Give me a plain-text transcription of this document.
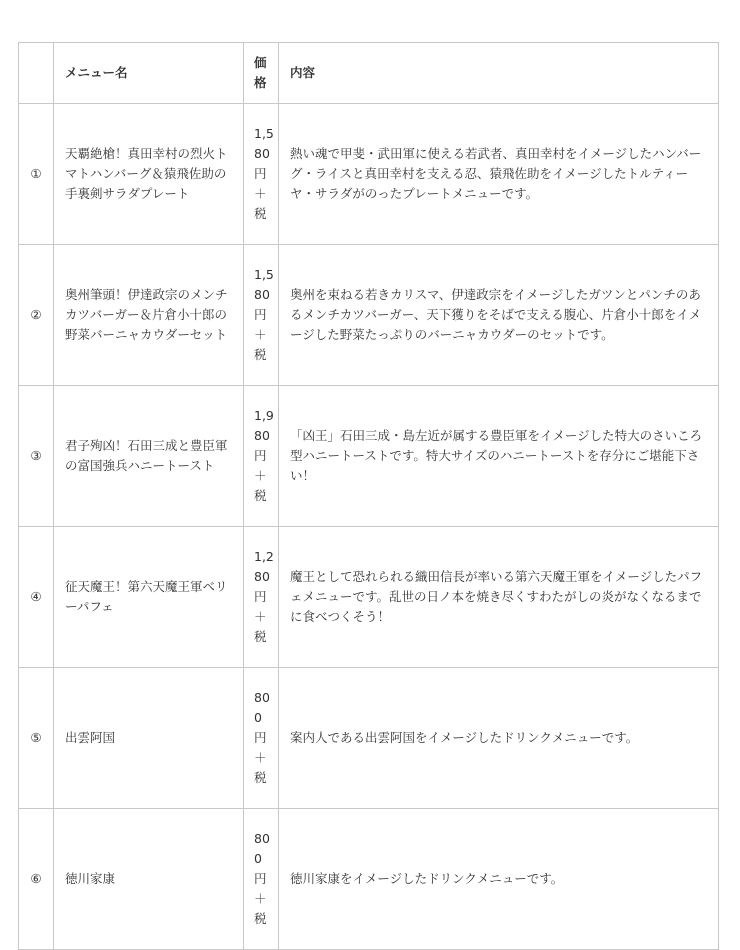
	メニュー名	価格	内容
①	天覇絶槍！真田幸村の烈火トマトハンバーグ＆猿飛佐助の手裏剣サラダプレート	1,580円＋税	熱い魂で甲斐・武田軍に使える若武者、真田幸村をイメージしたハンバーグ・ライスと真田幸村を支える忍、猿飛佐助をイメージしたトルティーヤ・サラダがのったプレートメニューです。
②	奥州筆頭！伊達政宗のメンチカツバーガー＆片倉小十郎の野菜バーニャカウダーセット	1,580円＋税	奥州を束ねる若きカリスマ、伊達政宗をイメージしたガツンとパンチのあるメンチカツバーガー、天下獲りをそばで支える腹心、片倉小十郎をイメージした野菜たっぷりのバーニャカウダーのセットです。
③	君子殉凶！石田三成と豊臣軍の富国強兵ハニートースト	1,980円＋税	「凶王」石田三成・島左近が属する豊臣軍をイメージした特大のさいころ型ハニートーストです。特大サイズのハニートーストを存分にご堪能下さい！
④	征天魔王！第六天魔王軍ベリーパフェ	1,280円＋税	魔王として恐れられる織田信長が率いる第六天魔王軍をイメージしたパフェメニューです。乱世の日ノ本を焼き尽くすわたがしの炎がなくなるまでに食べつくそう！
⑤	出雲阿国	800円＋税	案内人である出雲阿国をイメージしたドリンクメニューです。
⑥	徳川家康	800円＋税	徳川家康をイメージしたドリンクメニューです。
